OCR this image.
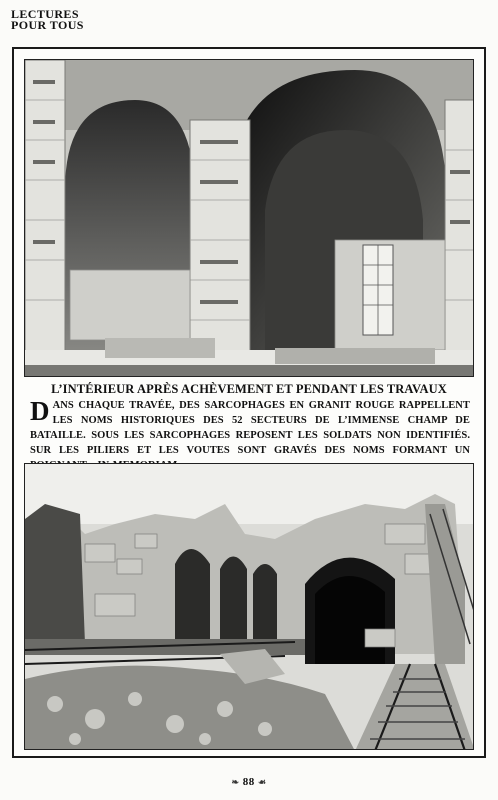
LECTURES
POUR TOUS
L’INTÉRIEUR APRÈS ACHÈVEMENT ET PENDANT LES TRAVAUX
DANS CHAQUE TRAVÉE, DES SARCOPHAGES EN GRANIT ROUGE RAPPELLENT LES NOMS HISTORIQUES DES 52 SECTEURS DE L’IMMENSE CHAMP DE BATAILLE. SOUS LES SARCOPHAGES REPOSENT LES SOLDATS NON IDENTIFIÉS. SUR LES PILIERS ET LES VOUTES SONT GRAVÉS DES NOMS FORMANT UN
❧ 88 ☙
